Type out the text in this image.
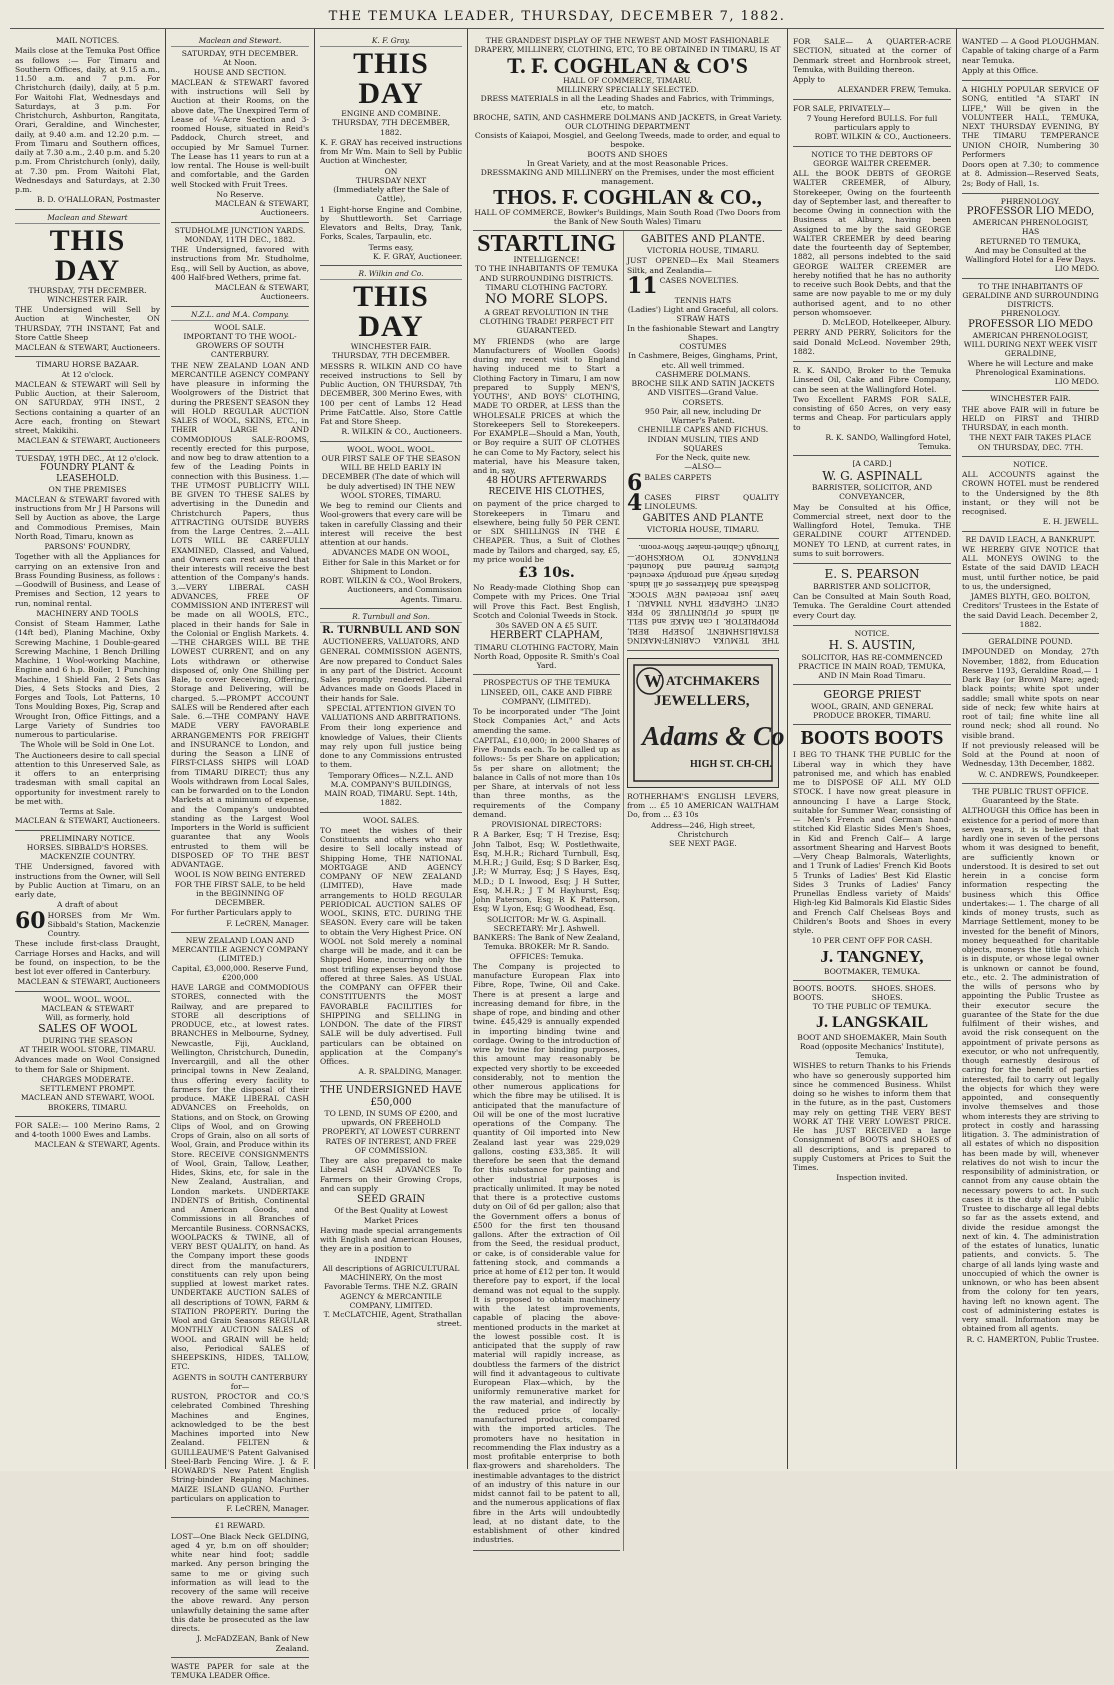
THE TEMUKA LEADER, THURSDAY, DECEMBER 7, 1882.
MAIL NOTICES.
Mails close at the Temuka Post Office as follows :— For Timaru and Southern Offices, daily, at 9.15 a.m., 11.50 a.m. and 7 p.m. For Christchurch (daily), daily, at 5 p.m. For Waitohi Flat, Wednesdays and Saturdays, at 3 p.m. For Christchurch, Ashburton, Rangitata, Orari, Geraldine, and Winchester, daily, at 9.40 a.m. and 12.20 p.m. — From Timaru and Southern offices, daily at 7.30 a.m., 2.40 p.m. and 5.20 p.m. From Christchurch (only), daily, at 7.30 pm. From Waitohi Flat, Wednesdays and Saturdays, at 2.30 p.m.
B. D. O'HALLORAN, Postmaster
Maclean and Stewart
THIS DAY
THURSDAY, 7TH DECEMBER.
WINCHESTER FAIR.
THE Undersigned will Sell by Auction at Winchester, ON THURSDAY, 7TH INSTANT, Fat and Store Cattle Sheep
MACLEAN & STEWART, Auctioneers.
TIMARU HORSE BAZAAR.
At 12 o'clock.
MACLEAN & STEWART will Sell by Public Auction, at their Saleroom, ON SATURDAY, 9TH INST., 2 Sections containing a quarter of an Acre each, fronting on Stewart street, Makikihi.
MACLEAN & STEWART, Auctioneers
TUESDAY, 19TH DEC., At 12 o'clock.
FOUNDRY PLANT & LEASEHOLD.
ON THE PREMISES
MACLEAN & STEWART favored with instructions from Mr J H Parsons will Sell by Auction as above, the Large and Commodious Premises, Main North Road, Timaru, known as
PARSONS' FOUNDRY,
Together with all the Appliances for carrying on an extensive Iron and Brass Founding Business, as follows :—Goodwill of Business, and Lease of Premises and Section, 12 years to run, nominal rental.
MACHINERY AND TOOLS
Consist of Steam Hammer, Lathe (14ft bed), Planing Machine, Oxby Screwing Machine, 1 Double-geared Screwing Machine, 1 Bench Drilling Machine, 1 Wool-working Machine, Engine and 6 h.p. Boiler, 1 Punching Machine, 1 Shield Fan, 2 Sets Gas Dies, 4 Sets Stocks and Dies, 2 Forges and Tools, Lot Patterns, 10 Tons Moulding Boxes, Pig, Scrap and Wrought Iron, Office Fittings, and a Large Variety of Sundries too numerous to particularise.
The Whole will be Sold in One Lot.
The Auctioneers desire to call special attention to this Unreserved Sale, as it offers to an enterprising tradesman with small capital an opportunity for investment rarely to be met with.
Terms at Sale.
MACLEAN & STEWART, Auctioneers.
PRELIMINARY NOTICE.
HORSES. SIBBALD'S HORSES.
MACKENZIE COUNTRY.
THE Undersigned, favored with instructions from the Owner, will Sell by Public Auction at Timaru, on an early date,
A draft of about
60 HORSES from Mr Wm. Sibbald's Station, Mackenzie Country.
These include first-class Draught, Carriage Horses and Hacks, and will be found, on inspection, to be the best lot ever offered in Canterbury.
MACLEAN & STEWART, Auctioneers
WOOL. WOOL. WOOL.
MACLEAN & STEWART
Will, as formerly, hold
SALES OF WOOL
DURING THE SEASON
AT THEIR WOOL STORE, TIMARU.
Advances made on Wool Consigned to them for Sale or Shipment.
CHARGES MODERATE. SETTLEMENT PROMPT.
MACLEAN AND STEWART, WOOL BROKERS, TIMARU.
FOR SALE:— 100 Merino Rams, 2 and 4-tooth 1000 Ewes and Lambs.
MACLEAN & STEWART, Agents.
Maclean and Stewart.
SATURDAY, 9TH DECEMBER.
At Noon.
HOUSE AND SECTION.
MACLEAN & STEWART favored with instructions will Sell by Auction at their Rooms, on the above date, The Unexpired Term of Lease of ¼-Acre Section and 3-roomed House, situated in Reid's Paddock, Church street, and occupied by Mr Samuel Turner. The Lease has 11 years to run at a low rental. The House is well-built and comfortable, and the Garden well Stocked with Fruit Trees.
No Reserve.
MACLEAN & STEWART, Auctioneers.
STUDHOLME JUNCTION YARDS.
MONDAY, 11TH DEC., 1882.
THE Undersigned, favored with instructions from Mr. Studholme, Esq., will Sell by Auction, as above, 400 Half-bred Wethers, prime fat.
MACLEAN & STEWART, Auctioneers.
N.Z.L. and M.A. Company.
WOOL SALE.
IMPORTANT TO THE WOOL-GROWERS OF SOUTH CANTERBURY.
THE NEW ZEALAND LOAN AND MERCANTILE AGENCY COMPANY have pleasure in informing the Woolgrowers of the District that during the PRESENT SEASON they will HOLD REGULAR AUCTION SALES of WOOL, SKINS, ETC., in THEIR LARGE AND COMMODIOUS SALE-ROOMS, recently erected for this purpose, and now beg to draw attention to a few of the Leading Points in connection with this Business. 1.—THE UTMOST PUBLICITY WILL BE GIVEN TO THESE SALES by advertising in the Dunedin and Christchurch Papers, thus ATTRACTING OUTSIDE BUYERS from the Large Centres. 2.—ALL LOTS WILL BE CAREFULLY EXAMINED, Classed, and Valued, and Owners can rest assured that their interests will receive the best attention of the Company's hands. 3.—VERY LIBERAL CASH ADVANCES, FREE OF COMMISSION AND INTEREST will be made on all WOOLS, ETC., placed in their hands for Sale in the Colonial or English Markets. 4.—THE CHARGES WILL BE THE LOWEST CURRENT, and on any Lots withdrawn or otherwise disposed of, only One Shilling per Bale, to cover Receiving, Offering, Storage and Delivering, will be charged. 5.—PROMPT ACCOUNT SALES will be Rendered after each Sale. 6.—THE COMPANY HAVE MADE VERY FAVORABLE ARRANGEMENTS FOR FREIGHT and INSURANCE to London, and during the Season a LINE of FIRST-CLASS SHIPS will LOAD from TIMARU DIRECT; thus any Wools withdrawn from Local Sales, can be forwarded on to the London Markets at a minimum of expense, and the Company's undoubted standing as the Largest Wool Importers in the World is sufficient guarantee that any Wools entrusted to them will be DISPOSED OF TO THE BEST ADVANTAGE.
WOOL IS NOW BEING ENTERED FOR THE FIRST SALE, to be held in the BEGINNING OF DECEMBER.
For further Particulars apply to
F. LeCREN, Manager.
NEW ZEALAND LOAN AND MERCANTILE AGENCY COMPANY (LIMITED.)
Capital, £3,000,000. Reserve Fund, £200,000
HAVE LARGE and COMMODIOUS STORES, connected with the Railway, and are prepared to STORE all descriptions of PRODUCE, etc., at lowest rates. BRANCHES in Melbourne, Sydney, Newcastle, Fiji, Auckland, Wellington, Christchurch, Dunedin, Invercargill, and all the other principal towns in New Zealand, thus offering every facility to farmers for the disposal of their produce. MAKE LIBERAL CASH ADVANCES on Freeholds, on Stations, and on Stock, on Growing Clips of Wool, and on Growing Crops of Grain, also on all sorts of Wool, Grain, and Produce within its Store. RECEIVE CONSIGNMENTS of Wool, Grain, Tallow, Leather, Hides, Skins, etc, for sale in the New Zealand, Australian, and London markets. UNDERTAKE INDENTS of British, Continental and American Goods, and Commissions in all Branches of Mercantile Business. CORNSACKS, WOOLPACKS & TWINE, all of VERY BEST QUALITY, on hand. As the Company import these goods direct from the manufacturers, constituents can rely upon being supplied at lowest market rates. UNDERTAKE AUCTION SALES of all descriptions of TOWN, FARM & STATION PROPERTY. During the Wool and Grain Seasons REGULAR MONTHLY AUCTION SALES of WOOL and GRAIN will be held; also, Periodical SALES of SHEEPSKINS, HIDES, TALLOW, ETC.
AGENTS in SOUTH CANTERBURY for—
RUSTON, PROCTOR and CO.'S celebrated Combined Threshing Machines and Engines, acknowledged to be the best Machines imported into New Zealand. FELTEN & GUILLEAUME'S Patent Galvanised Steel-Barb Fencing Wire. J. & F. HOWARD'S New Patent English String-binder Reaping Machines. MAIZE ISLAND GUANO. Further particulars on application to
F. LeCREN, Manager.
£1 REWARD.
LOST—One Black Neck GELDING, aged 4 yr, b.m on off shoulder; white near hind foot; saddle marked. Any person bringing the same to me or giving such information as will lead to the recovery of the same will receive the above reward. Any person unlawfully detaining the same after this date be prosecuted as the law directs.
J. McFADZEAN, Bank of New Zealand.
WASTE PAPER for sale at the TEMUKA LEADER Office.
K. F. Gray.
THIS DAY
ENGINE AND COMBINE.
THURSDAY, 7TH DECEMBER, 1882.
K. F. GRAY has received instructions from Mr Wm. Main to Sell by Public Auction at Winchester,
ON
THURSDAY NEXT
(Immediately after the Sale of Cattle),
1 Eight-horse Engine and Combine, by Shuttleworth. Set Carriage Elevators and Belts, Dray, Tank, Forks, Scales, Tarpaulin, etc.
Terms easy,
K. F. GRAY, Auctioneer.
R. Wilkin and Co.
THIS DAY
WINCHESTER FAIR.
THURSDAY, 7TH DECEMBER.
MESSRS R. WILKIN AND CO have received instructions to Sell by Public Auction, ON THURSDAY, 7th DECEMBER, 300 Merino Ewes, with 100 per cent of Lambs 12 Head Prime FatCattle. Also, Store Cattle Fat and Store Sheep.
R. WILKIN & CO., Auctioneers.
WOOL. WOOL. WOOL.
OUR FIRST SALE OF THE SEASON
WILL BE HELD EARLY IN DECEMBER (The date of which will be duly advertised) IN THE NEW WOOL STORES, TIMARU.
We beg to remind our Clients and Wool-growers that every care will be taken in carefully Classing and their interest will receive the best attention at our hands.
ADVANCES MADE ON WOOL, Either for Sale in this Market or for Shipment to London.
ROBT. WILKIN & CO., Wool Brokers, Auctioneers, and Commission Agents. Timaru.
R. Turnbull and Son.
R. TURNBULL AND SON
AUCTIONEERS, VALUATORS, AND
GENERAL COMMISSION AGENTS, Are now prepared to Conduct Sales in any part of the District. Account Sales promptly rendered. Liberal Advances made on Goods Placed in their hands for Sale.
SPECIAL ATTENTION GIVEN TO VALUATIONS AND ARBITRATIONS.
From their long experience and knowledge of Values, their Clients may rely upon full justice being done to any Commissions entrusted to them.
Temporary Offices— N.Z.L. AND M.A. COMPANY'S BUILDINGS, MAIN ROAD, TIMARU. Sept. 14th, 1882.
WOOL SALES.
TO meet the wishes of their Constituents and others who may desire to Sell locally instead of Shipping Home, THE NATIONAL MORTGAGE AND AGENCY COMPANY OF NEW ZEALAND (LIMITED), Have made arrangements to HOLD REGULAR PERIODICAL AUCTION SALES OF WOOL, SKINS, ETC. DURING THE SEASON. Every care will be taken to obtain the Very Highest Price. ON WOOL not Sold merely a nominal charge will be made, and it can be Shipped Home, incurring only the most trifling expenses beyond those offered at three Sales. AS USUAL the COMPANY can OFFER their CONSTITUENTS the MOST FAVORABLE FACILITIES for SHIPPING and SELLING in LONDON. The date of the FIRST SALE will be duly advertised. Full particulars can be obtained on application at the Company's Offices.
A. R. SPALDING, Manager.
THE UNDERSIGNED HAVE £50,000
TO LEND, IN SUMS OF £200, and upwards, ON FREEHOLD PROPERTY, AT LOWEST CURRENT RATES OF INTEREST, AND FREE OF COMMISSION.
They are also prepared to make Liberal CASH ADVANCES To Farmers on their Growing Crops, and can supply
SEED GRAIN
Of the Best Quality at Lowest Market Prices
Having made special arrangements with English and American Houses, they are in a position to
INDENT
All descriptions of AGRICULTURAL MACHINERY, On the most Favorable Terms. THE N.Z. GRAIN AGENCY & MERCANTILE COMPANY, LIMITED.
T. McCLATCHIE, Agent, Strathallan street.
THE GRANDEST DISPLAY OF THE NEWEST AND MOST FASHIONABLE DRAPERY, MILLINERY, CLOTHING, ETC, TO BE OBTAINED IN TIMARU, IS AT
T. F. COGHLAN & CO'S
HALL OF COMMERCE, TIMARU.
MILLINERY SPECIALLY SELECTED.
DRESS MATERIALS in all the Leading Shades and Fabrics, with Trimmings, etc, to match.
BROCHE, SATIN, AND CASHMERE DOLMANS AND JACKETS, in Great Variety.
OUR CLOTHING DEPARTMENT
Consists of Kaiapoi, Mosgiel, and Geelong Tweeds, made to order, and equal to bespoke.
BOOTS AND SHOES
In Great Variety, and at the most Reasonable Prices.
DRESSMAKING AND MILLINERY on the Premises, under the most efficient management.
THOS. F. COGHLAN & CO.,
HALL OF COMMERCE, Bowker's Buildings, Main South Road (Two Doors from the Bank of New South Wales) Timaru
STARTLING
INTELLIGENCE!
TO THE INHABITANTS OF TEMUKA AND SURROUNDING DISTRICTS.
TIMARU CLOTHING FACTORY.
NO MORE SLOPS.
A GREAT REVOLUTION IN THE CLOTHING TRADE! PERFECT FIT GUARANTEED.
MY FRIENDS (who are large Manufacturers of Woollen Goods) during my recent visit to England having induced me to Start a Clothing Factory in Timaru, I am now prepared to Supply MEN'S, YOUTHS', AND BOYS' CLOTHING, MADE TO ORDER, at LESS than the WHOLESALE PRICES at which the Storekeepers Sell to Storekeepers. For EXAMPLE—Should a Man, Youth, or Boy require a SUIT OF CLOTHES he can Come to My Factory, select his material, have his Measure taken, and in, say,
48 HOURS AFTERWARDS RECEIVE HIS CLOTHES,
on payment of the price charged to Storekeepers in Timaru and elsewhere, being fully 50 PER CENT. or SIX SHILLINGS IN THE £ CHEAPER. Thus, a Suit of Clothes made by Tailors and charged, say, £5, my price would be
£3 10s.
No Ready-made Clothing Shop can Compete with my Prices. One Trial will Prove this Fact. Best English, Scotch and Colonial Tweeds in Stock.
30s SAVED ON A £5 SUIT.
HERBERT CLAPHAM,
TIMARU CLOTHING FACTORY, Main North Road, Opposite R. Smith's Coal Yard.
PROSPECTUS OF THE TEMUKA LINSEED, OIL, CAKE AND FIBRE COMPANY, (LIMITED).
To be incorporated under "The Joint Stock Companies Act," and Acts amending the same.
CAPITAL, £10,000; in 2000 Shares of Five Pounds each. To be called up as follows:- 5s per Share on application; 5s per share on allotment; the balance in Calls of not more than 10s per Share, at intervals of not less than three months, as the requirements of the Company demand.
PROVISIONAL DIRECTORS:
R A Barker, Esq; T H Trezise, Esq; John Talbot, Esq; W. Postlethwaite, Esq, M.H.R.; Richard Turnbull, Esq, M.H.R.; J Guild, Esq; S D Barker, Esq, J.P.; W Murray, Esq; J S Hayes, Esq, M.D.; D L Inwood, Esq; J H Sutter, Esq, M.H.R.; J T M Hayhurst, Esq; John Paterson, Esq; R K Patterson, Esq; W Lyon, Esq; G Woodhead, Esq.
SOLICITOR: Mr W. G. Aspinall. SECRETARY: Mr J. Ashwell.
BANKERS: The Bank of New Zealand, Temuka. BROKER: Mr R. Sando. OFFICES: Temuka.
The Company is projected to manufacture European Flax into Fibre, Rope, Twine, Oil and Cake. There is at present a large and increasing demand for fibre, in the shape of rope, and binding and other twine. £45,429 is annually expended in importing binding twine and cordage. Owing to the introduction of wire by twine for binding purposes, this amount may reasonably be expected very shortly to be exceeded considerably, not to mention the other numerous applications for which the fibre may be utilised. It is anticipated that the manufacture of Oil will be one of the most lucrative operations of the Company. The quantity of Oil imported into New Zealand last year was 229,029 gallons, costing £33,385. It will therefore be seen that the demand for this substance for painting and other industrial purposes is practically unlimited. It may be noted that there is a protective customs duty on Oil of 6d per gallon; also that the Government offers a bonus of £500 for the first ten thousand gallons. After the extraction of Oil from the Seed, the residual product, or cake, is of considerable value for fattening stock, and commands a price at home of £12 per ton. It would therefore pay to export, if the local demand was not equal to the supply. It is proposed to obtain machinery with the latest improvements, capable of placing the above-mentioned products in the market at the lowest possible cost. It is anticipated that the supply of raw material will rapidly increase, as doubtless the farmers of the district will find it advantageous to cultivate European Flax—which, by the uniformly remunerative market for the raw material, and indirectly by the reduced price of locally-manufactured products, compared with the imported articles. The promoters have no hesitation in recommending the Flax industry as a most profitable enterprise to both flax-growers and shareholders. The inestimable advantages to the district of an industry of this nature in our midst cannot fail to be patent to all, and the numerous applications of flax fibre in the Arts will undoubtedly lead, at no distant date, to the establishment of other kindred industries.
GABITES AND PLANTE.
VICTORIA HOUSE, TIMARU.
JUST OPENED—Ex Mail Steamers Siltk, and Zealandia—
11 CASES NOVELTIES.
TENNIS HATS
(Ladies') Light and Graceful, all colors.
STRAW HATS
In the fashionable Stewart and Langtry Shapes.
COSTUMES
In Cashmere, Beiges, Ginghams, Print, etc. All well trimmed.
CASHMERE DOLMANS.
BROCHE SILK AND SATIN JACKETS AND VISITES—Grand Value.
CORSETS.
950 Pair, all new, including Dr Warner's Patent.
CHENILLE CAPES AND FICHUS.
INDIAN MUSLIN, TIES AND SQUARES
For the Neck, quite new.
—ALSO—
6 BALES CARPETS
4 CASES FIRST QUALITY LINOLEUMS.
GABITES AND PLANTE
VICTORIA HOUSE, TIMARU.
THE TEMUKA CABINET-MAKING ESTABLISHMENT. JOSEPH BERI, PROPRIETOR. I can MAKE and SELL all kinds of FURNITURE 50 PER CENT. CHEAPER THAN TIMARU. I have just received NEW STOCK. Bedsteads and Mattresses of all kinds. Repairs neatly and promptly executed. Pictures Framed and Mounted. ENTRANCE TO WORKSHOP.— Through Cabinet-maker Show-room.
W ATCHMAKERS
JEWELLERS,
Adams & Co
HIGH ST. CH-CH.
ROTHERHAM'S ENGLISH LEVERS, from ... £5 10 AMERICAN WALTHAM Do, from ... £3 10s
Address—246, High street, Christchurch
SEE NEXT PAGE.
FOR SALE— A QUARTER-ACRE SECTION, situated at the corner of Denmark street and Hornbrook street, Temuka, with Building thereon.
Apply to
ALEXANDER FREW, Temuka.
FOR SALE, PRIVATELY—
7 Young Hereford BULLS. For full particulars apply to
ROBT. WILKIN & CO., Auctioneers.
NOTICE TO THE DEBTORS OF GEORGE WALTER CREEMER.
ALL the BOOK DEBTS of GEORGE WALTER CREEMER, of Albury, Storekeeper, Owing on the fourteenth day of September last, and thereafter to become Owing in connection with the Business at Albury, having been Assigned to me by the said GEORGE WALTER CREEMER by deed bearing date the fourteenth day of September, 1882, all persons indebted to the said GEORGE WALTER CREEMER are hereby notified that he has no authority to receive such Book Debts, and that the same are now payable to me or my duly authorised agent, and to no other person whomsoever.
D. McLEOD, Hotelkeeper, Albury.
PERRY AND PERRY, Solicitors for the said Donald McLeod. November 29th, 1882.
R. K. SANDO, Broker to the Temuka Linseed Oil, Cake and Fibre Company, can be seen at the Wallingford Hotel.
Two Excellent FARMS FOR SALE, consisting of 650 Acres, on very easy terms and Cheap. For particulars apply to
R. K. SANDO, Wallingford Hotel, Temuka.
[A CARD.]
W. G. ASPINALL
BARRISTER, SOLICITOR, AND CONVEYANCER,
May be Consulted at his Office, Commercial street, next door to the Wallingford Hotel, Temuka. THE GERALDINE COURT ATTENDED. MONEY TO LEND, at current rates, in sums to suit borrowers.
E. S. PEARSON
BARRISTER AND SOLICITOR,
Can be Consulted at Main South Road, Temuka. The Geraldine Court attended every Court day.
NOTICE.
H. S. AUSTIN,
SOLICITOR, HAS RE-COMMENCED PRACTICE IN MAIN ROAD, TEMUKA, AND IN Main Road Timaru.
GEORGE PRIEST
WOOL, GRAIN, AND GENERAL PRODUCE BROKER, TIMARU.
BOOTS BOOTS
I BEG TO THANK THE PUBLIC for the Liberal way in which they have patronised me, and which has enabled me to DISPOSE OF ALL MY OLD STOCK. I have now great pleasure in announcing I have a Large Stock, suitable for Summer Wear, consisting of— Men's French and German hand-stitched Kid Elastic Sides Men's Shoes, in Kid and French Calf— A large assortment Shearing and Harvest Boots—Very Cheap Balmorals, Waterlights, and 1 Trunk of Ladies' French Kid Boots 5 Trunks of Ladies' Best Kid Elastic Sides 3 Trunks of Ladies' Fancy Prunellas Endless variety of Maids' High-leg Kid Balmorals Kid Elastic Sides and French Calf Chelseas Boys and Children's Boots and Shoes in every style.
10 PER CENT OFF FOR CASH.
J. TANGNEY,
BOOTMAKER, TEMUKA.
BOOTS. BOOTS. BOOTS.
SHOES. SHOES. SHOES.
TO THE PUBLIC OF TEMUKA.
J. LANGSKAIL
BOOT AND SHOEMAKER, Main South Road (opposite Mechanics' Institute), Temuka,
WISHES to return Thanks to his Friends who have so generously supported him since he commenced Business. Whilst doing so he wishes to inform them that in the future, as in the past, Customers may rely on getting THE VERY BEST WORK AT THE VERY LOWEST PRICE. He has JUST RECEIVED a large Consignment of BOOTS and SHOES of all descriptions, and is prepared to supply Customers at Prices to Suit the Times.
Inspection invited.
WANTED — A Good PLOUGHMAN. Capable of taking charge of a Farm near Temuka.
Apply at this Office.
A HIGHLY POPULAR SERVICE OF SONG, entitled "A START IN LIFE," Will be given in the VOLUNTEER HALL, TEMUKA, NEXT THURSDAY EVENING, BY THE TIMARU TEMPERANCE UNION CHOIR, Numbering 30 Performers
Doors open at 7.30; to commence at 8. Admission—Reserved Seats, 2s; Body of Hall, 1s.
PHRENOLOGY.
PROFESSOR LIO MEDO,
AMERICAN PHRENOLOGIST,
HAS
RETURNED TO TEMUKA,
And may be Consulted at the Wallingford Hotel for a Few Days.
LIO MEDO.
TO THE INHABITANTS OF GERALDINE AND SURROUNDING DISTRICTS.
PHRENOLOGY.
PROFESSOR LIO MEDO
AMERICAN PHRENOLOGIST, WILL DURING NEXT WEEK VISIT GERALDINE,
Where he will Lecture and make Phrenological Examinations.
LIO MEDO.
WINCHESTER FAIR.
THE above FAIR will in future be HELD on FIRST and THIRD THURSDAY, in each month.
THE NEXT FAIR TAKES PLACE ON THURSDAY, DEC. 7TH.
NOTICE.
ALL ACCOUNTS against the CROWN HOTEL must be rendered to the Undersigned by the 8th instant, or they will not be recognised.
E. H. JEWELL.
RE DAVID LEACH, A BANKRUPT.
WE HEREBY GIVE NOTICE that ALL MONEYS OWING to the Estate of the said DAVID LEACH must, until further notice, be paid to us, the undersigned,
JAMES BLYTH, GEO. BOLTON, Creditors' Trustees in the Estate of the said David Leach. December 2, 1882.
GERALDINE POUND.
IMPOUNDED on Monday, 27th November, 1882, from Education Reserve 1193, Geraldine Road,— 1 Dark Bay (or Brown) Mare; aged; black points; white spot under saddle; small white spots on near side of neck; few white hairs at root of tail; fine white line all round neck; shod all round. No visible brand.
If not previously released will be Sold at the Pound at noon of Wednesday, 13th December, 1882.
W. C. ANDREWS, Poundkeeper.
THE PUBLIC TRUST OFFICE.
Guaranteed by the State.
ALTHOUGH this Office has been in existence for a period of more than seven years, it is believed that hardly one in seven of the persons whom it was designed to benefit, are sufficiently known or understood. It is desired to set out herein in a concise form information respecting the business which this Office undertakes:— 1. The charge of all kinds of money trusts, such as Marriage Settlement, money to be invested for the benefit of Minors, money bequeathed for charitable objects, moneys the title to which is in dispute, or whose legal owner is unknown or cannot be found, etc., etc. 2. The administration of the wills of persons who by appointing the Public Trustee as their executor secure the guarantee of the State for the due fulfilment of their wishes, and avoid the risk consequent on the appointment of private persons as executor, or who not unfrequently, though earnestly desirous of caring for the benefit of parties interested, fail to carry out legally the objects for which they were appointed, and consequently involve themselves and those whom interests they are striving to protect in costly and harassing litigation. 3. The administration of all estates of which no disposition has been made by will, whenever relatives do not wish to incur the responsibility of administration, or cannot from any cause obtain the necessary powers to act. In such cases it is the duty of the Public Trustee to discharge all legal debts so far as the assets extend, and divide the residue amongst the next of kin. 4. The administration of the estates of lunatics, lunatic patients, and convicts. 5. The charge of all lands lying waste and unoccupied of which the owner is unknown, or who has been absent from the colony for ten years, having left no known agent. The cost of administering estates is very small. Information may be obtained from all agents.
R. C. HAMERTON, Public Trustee.
